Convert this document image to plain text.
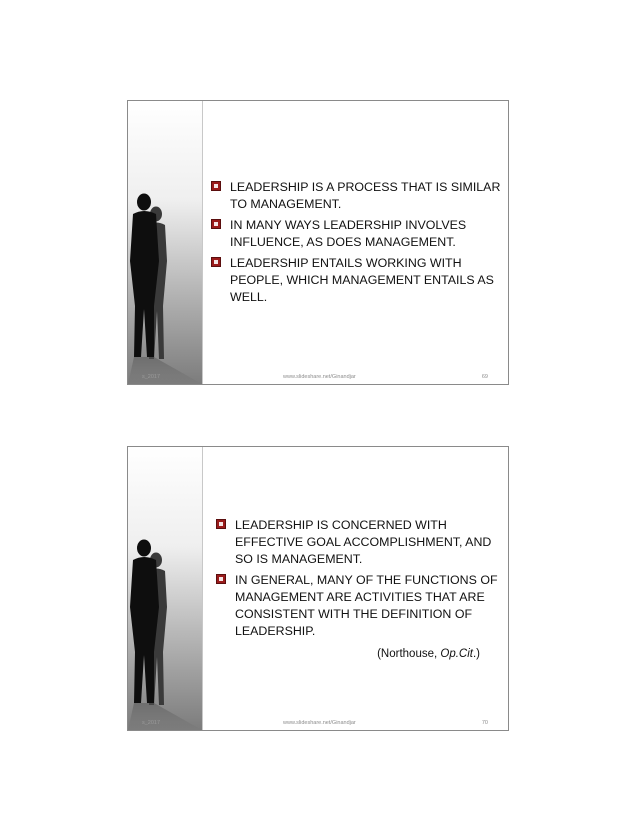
LEADERSHIP IS A PROCESS THAT IS SIMILAR TO MANAGEMENT.
IN MANY WAYS LEADERSHIP INVOLVES INFLUENCE, AS DOES MANAGEMENT.
LEADERSHIP ENTAILS WORKING WITH PEOPLE, WHICH MANAGEMENT ENTAILS AS WELL.
s_2017	www.slideshare.net/Ginandjar	69
LEADERSHIP IS CONCERNED WITH EFFECTIVE GOAL ACCOMPLISHMENT, AND SO IS MANAGEMENT.
IN GENERAL, MANY OF THE FUNCTIONS OF MANAGEMENT ARE ACTIVITIES THAT ARE CONSISTENT WITH THE DEFINITION OF LEADERSHIP.
(Northouse, Op.Cit.)
s_2017	www.slideshare.net/Ginandjar	70
